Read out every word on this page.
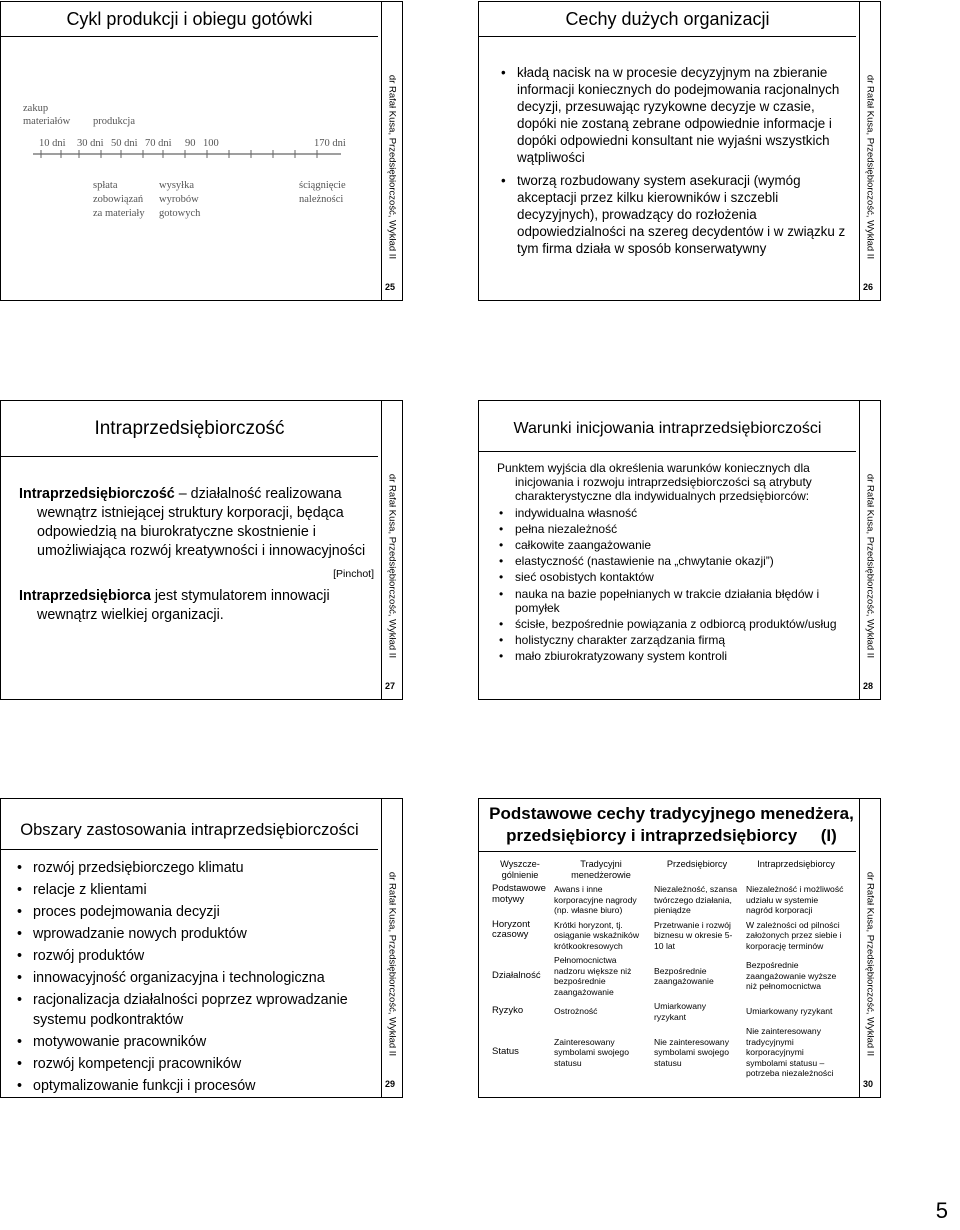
Cykl produkcji i obiegu gotówki
zakup
materiałów produkcja
10 dni 30 dni 50 dni 70 dni 90 100	170 dni
spłata
zobowiązań
za materiały
wysyłka
wyrobów
gotowych
ściągnięcie
należności	dr Rafał Kusa, Przedsiębiorczość, Wykład II
25
Cechy dużych organizacji
• kładą nacisk na w procesie decyzyjnym na zbieranie informacji koniecznych do podejmowania racjonalnych decyzji, przesuwając ryzykowne decyzje w czasie, dopóki nie zostaną zebrane odpowiednie informacje i dopóki odpowiedni konsultant nie wyjaśni wszystkich wątpliwości
• tworzą rozbudowany system asekuracji (wymóg akceptacji przez kilku kierowników i szczebli decyzyjnych), prowadzący do rozłożenia odpowiedzialności na szereg decydentów i w związku z tym firma działa w sposób konserwatywny	dr Rafał Kusa, Przedsiębiorczość, Wykład II
26
Intraprzedsiębiorczość
Intraprzedsiębiorczość – działalność realizowana wewnątrz istniejącej struktury korporacji, będąca odpowiedzią na biurokratyczne skostnienie i umożliwiająca rozwój kreatywności i innowacyjności
[Pinchot]
Intraprzedsiębiorca jest stymulatorem innowacji wewnątrz wielkiej organizacji.	dr Rafał Kusa, Przedsiębiorczość, Wykład II
27
Warunki inicjowania intraprzedsiębiorczości
Punktem wyjścia dla określenia warunków koniecznych dla inicjowania i rozwoju intraprzedsiębiorczości są atrybuty charakterystyczne dla indywidualnych przedsiębiorców:
• indywidualna własność
• pełna niezależność
• całkowite zaangażowanie
• elastyczność (nastawienie na „chwytanie okazji”)
• sieć osobistych kontaktów
• nauka na bazie popełnianych w trakcie działania błędów i pomyłek
• ścisłe, bezpośrednie powiązania z odbiorcą produktów/usług
• holistyczny charakter zarządzania firmą
• mało zbiurokratyzowany system kontroli	dr Rafał Kusa, Przedsiębiorczość, Wykład II
28
Obszary zastosowania intraprzedsiębiorczości
• rozwój przedsiębiorczego klimatu
• relacje z klientami
• proces podejmowania decyzji
• wprowadzanie nowych produktów
• rozwój produktów
• innowacyjność organizacyjna i technologiczna
• racjonalizacja działalności poprzez wprowadzanie systemu podkontraktów
• motywowanie pracowników
• rozwój kompetencji pracowników
• optymalizowanie funkcji i procesów
dr Rafał Kusa, Przedsiębiorczość, Wykład II
29
Podstawowe cechy tradycyjnego menedżera,
przedsiębiorcy i intraprzedsiębiorcy     (I)
Wyszcze-gólnienie	Tradycyjni menedżerowie	Przedsiębiorcy	Intraprzedsiębiorcy
Podstawowe motywy	Awans i inne korporacyjne nagrody (np. własne biuro)	Niezależność, szansa twórczego działania, pieniądze	Niezależność i możliwość udziału w systemie nagród korporacji
Horyzont czasowy	Krótki horyzont, tj. osiąganie wskaźników krótkookresowych	Przetrwanie i rozwój biznesu w okresie 5-10 lat	W zależności od pilności założonych przez siebie i korporację terminów
Działalność	Pełnomocnictwa nadzoru większe niż bezpośrednie zaangażowanie	Bezpośrednie zaangażowanie	Bezpośrednie zaangażowanie wyższe niż pełnomocnictwa
Ryzyko	Ostrożność	Umiarkowany ryzykant	Umiarkowany ryzykant
Status	Zainteresowany symbolami swojego statusu	Nie zainteresowany symbolami swojego statusu	Nie zainteresowany tradycyjnymi korporacyjnymi symbolami statusu – potrzeba niezależności
dr Rafał Kusa, Przedsiębiorczość, Wykład II
30
5
